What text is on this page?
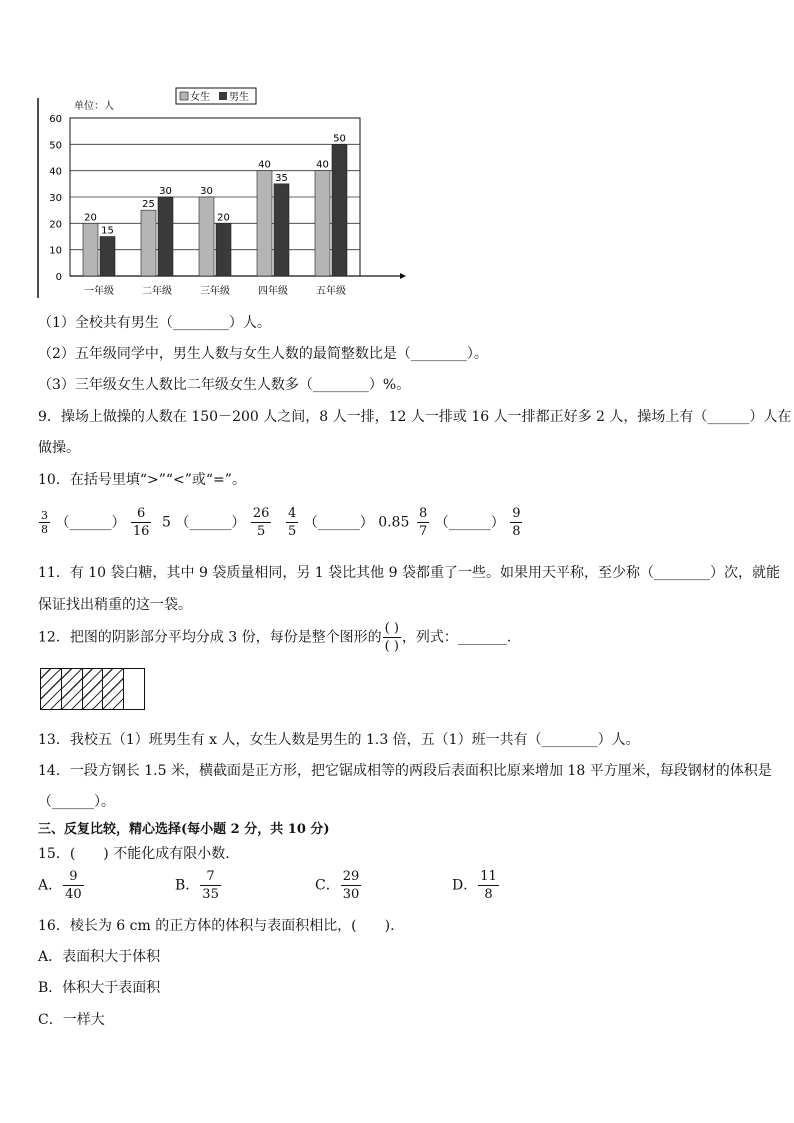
女生 男生
单位：人
0
10
20
30
40
50
60
20
15
一年级
25
30
二年级
30
20
三年级
40
35
四年级
40
50
五年级
（1）全校共有男生（________）人。
（2）五年级同学中，男生人数与女生人数的最简整数比是（________）。
（3）三年级女生人数比二年级女生人数多（________）%。
9．操场上做操的人数在 150－200 人之间，8 人一排，12 人一排或 16 人一排都正好多 2 人，操场上有（______）人在
做操。
10．在括号里填“>”“<”或“=”。
$\frac{3}{8}$ （______） $\frac{6}{16} 5$ （______） $\frac{26}{5} \frac{4}{5}$ （______） $0.85 \frac{8}{7}$ （______） $\frac{9}{8}$
11．有 10 袋白糖，其中 9 袋质量相同，另 1 袋比其他 9 袋都重了一些。如果用天平称，至少称（________）次，就能
保证找出稍重的这一袋。
12．把图的阴影部分平均分成 3 份，每份是整个图形的 $\frac{( )}{( )}$ ，列式：_______.
13．我校五（1）班男生有 x 人，女生人数是男生的 1.3 倍，五（1）班一共有（________）人。
14．一段方钢长 1.5 米，横截面是正方形，把它锯成相等的两段后表面积比原来增加 18 平方厘米，每段钢材的体积是
（______）。
三、反复比较，精心选择(每小题 2 分，共 10 分)
15．(　　) 不能化成有限小数.
A． $\frac{9}{40}$	B． $\frac{7}{35}$	C． $\frac{29}{30}$	D． $\frac{11}{8}$
16．棱长为 6 cm 的正方体的体积与表面积相比，(　　).
A．表面积大于体积
B．体积大于表面积
C．一样大
